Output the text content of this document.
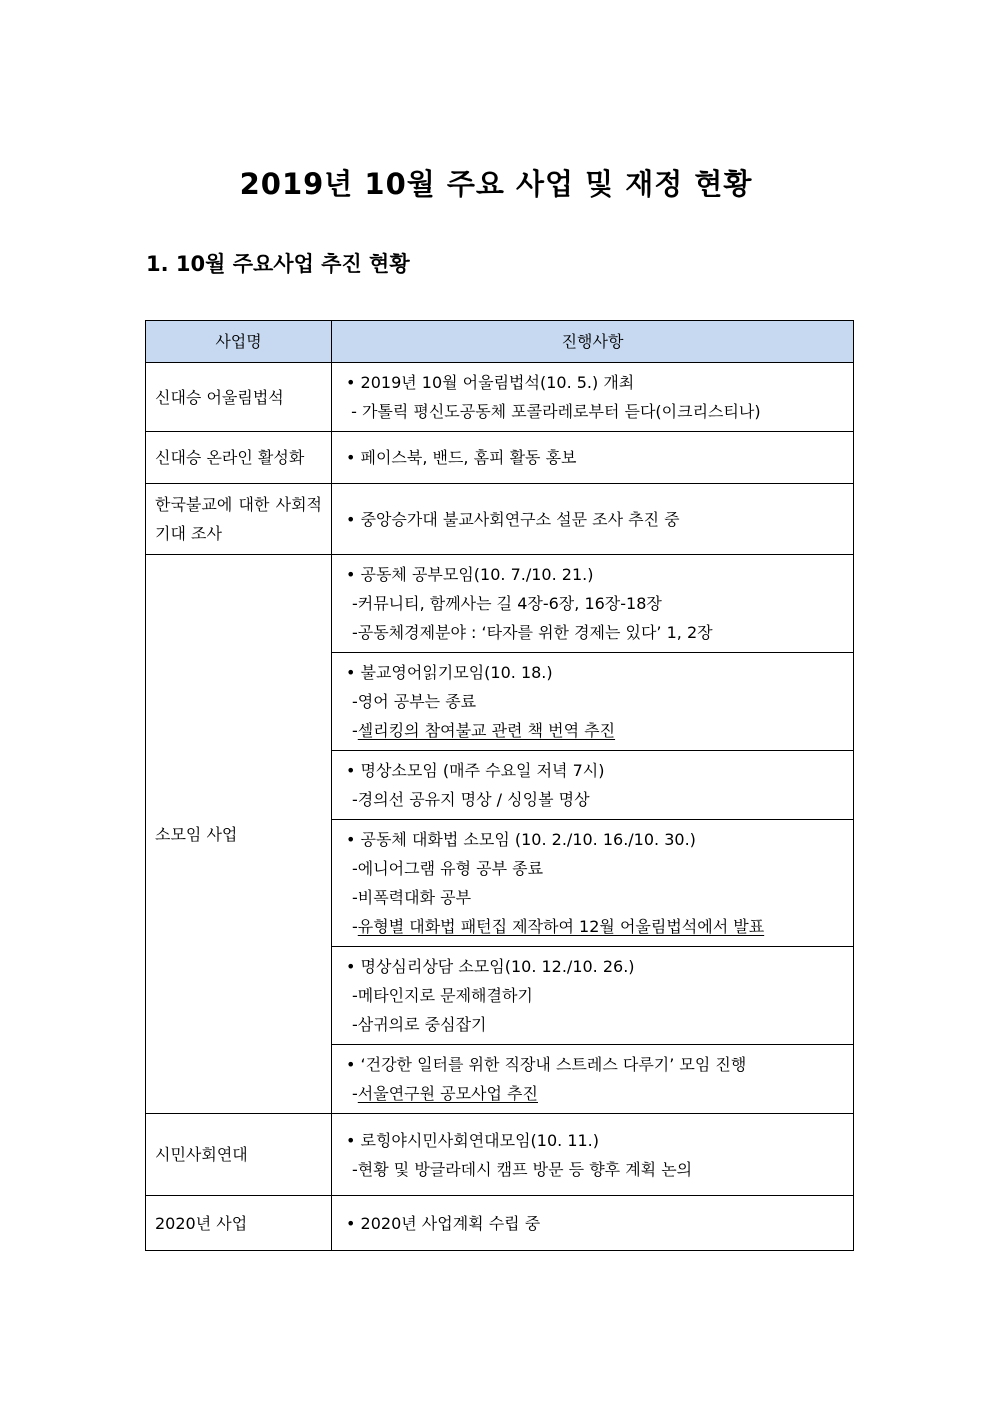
2019년 10월 주요 사업 및 재정 현황
1. 10월 주요사업 추진 현황
사업명	진행사항
신대승 어울림법석	• 2019년 10월 어울림법석(10. 5.) 개최
- 가톨릭 평신도공동체 포콜라레로부터 듣다(이크리스티나)

신대승 온라인 활성화	• 페이스북, 밴드, 홈피 활동 홍보

한국불교에 대한 사회적 기대 조사	• 중앙승가대 불교사회연구소 설문 조사 추진 중

소모임 사업	• 공동체 공부모임(10. 7./10. 21.)
-커뮤니티, 함께사는 길 4장-6장, 16장-18장
-공동체경제분야 : ‘타자를 위한 경제는 있다’ 1, 2장

	• 불교영어읽기모임(10. 18.)
-영어 공부는 종료
-셀리킹의 참여불교 관련 책 번역 추진

	• 명상소모임 (매주 수요일 저녁 7시)
-경의선 공유지 명상 / 싱잉볼 명상

	• 공동체 대화법 소모임 (10. 2./10. 16./10. 30.)
-에니어그램 유형 공부 종료
-비폭력대화 공부
-유형별 대화법 패턴집 제작하여 12월 어울림법석에서 발표

	• 명상심리상담 소모임(10. 12./10. 26.)
-메타인지로 문제해결하기
-삼귀의로 중심잡기

	• ‘건강한 일터를 위한 직장내 스트레스 다루기’ 모임 진행
-서울연구원 공모사업 추진

시민사회연대	• 로힝야시민사회연대모임(10. 11.)
-현황 및 방글라데시 캠프 방문 등 향후 계획 논의

2020년 사업	• 2020년 사업계획 수립 중
